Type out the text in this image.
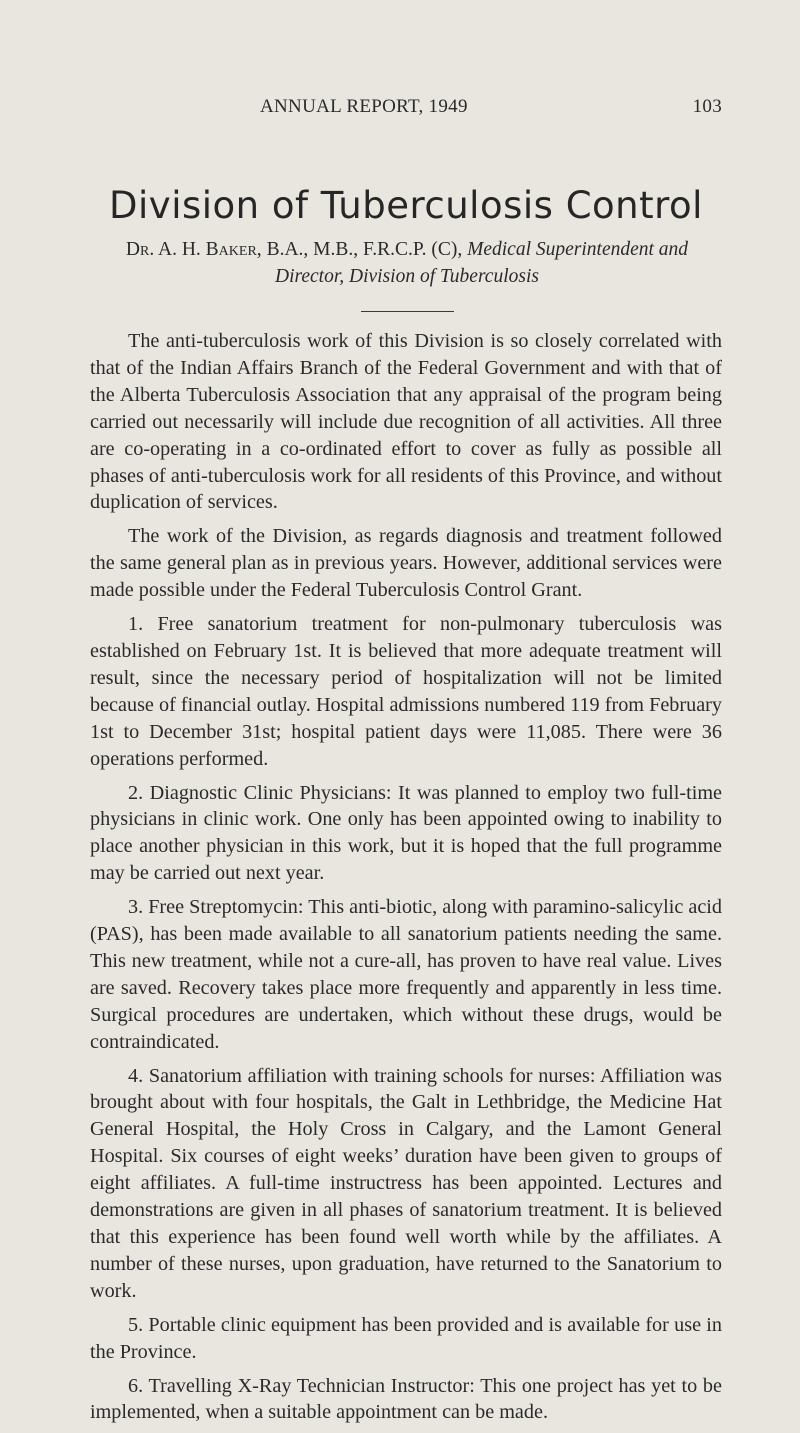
ANNUAL REPORT, 1949	103
Division of Tuberculosis Control
Dr. A. H. Baker, B.A., M.B., F.R.C.P. (C), Medical Superintendent and Director, Division of Tuberculosis

The anti-tuberculosis work of this Division is so closely correlated with that of the Indian Affairs Branch of the Federal Government and with that of the Alberta Tuberculosis Association that any appraisal of the program being carried out necessarily will include due recognition of all activities. All three are co-operating in a co-ordinated effort to cover as fully as possible all phases of anti-tuberculosis work for all residents of this Province, and without duplication of services.

The work of the Division, as regards diagnosis and treatment followed the same general plan as in previous years. However, additional services were made possible under the Federal Tuberculosis Control Grant.

1. Free sanatorium treatment for non-pulmonary tuberculosis was established on February 1st. It is believed that more adequate treatment will result, since the necessary period of hospitalization will not be limited because of financial outlay. Hospital admissions numbered 119 from February 1st to December 31st; hospital patient days were 11,085. There were 36 operations performed.

2. Diagnostic Clinic Physicians: It was planned to employ two full-time physicians in clinic work. One only has been appointed owing to inability to place another physician in this work, but it is hoped that the full programme may be carried out next year.

3. Free Streptomycin: This anti-biotic, along with paramino-salicylic acid (PAS), has been made available to all sanatorium patients needing the same. This new treatment, while not a cure-all, has proven to have real value. Lives are saved. Recovery takes place more frequently and apparently in less time. Surgical procedures are undertaken, which without these drugs, would be contraindicated.

4. Sanatorium affiliation with training schools for nurses: Affiliation was brought about with four hospitals, the Galt in Lethbridge, the Medicine Hat General Hospital, the Holy Cross in Calgary, and the Lamont General Hospital. Six courses of eight weeks’ duration have been given to groups of eight affiliates. A full-time instructress has been appointed. Lectures and demonstrations are given in all phases of sanatorium treatment. It is believed that this experience has been found well worth while by the affiliates. A number of these nurses, upon graduation, have returned to the Sanatorium to work.

5. Portable clinic equipment has been provided and is available for use in the Province.

6. Travelling X-Ray Technician Instructor: This one project has yet to be implemented, when a suitable appointment can be made.
